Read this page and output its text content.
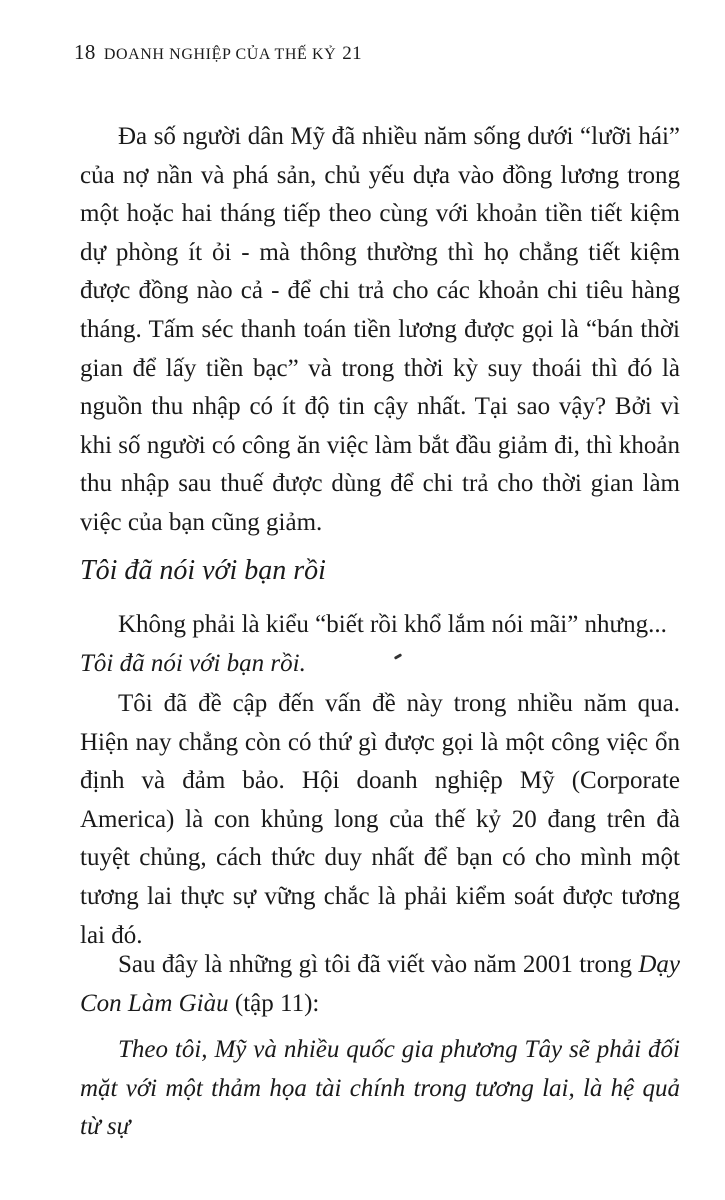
18 DOANH NGHIỆP CỦA THẾ KỶ 21

Đa số người dân Mỹ đã nhiều năm sống dưới “lưỡi hái” của nợ nần và phá sản, chủ yếu dựa vào đồng lương trong một hoặc hai tháng tiếp theo cùng với khoản tiền tiết kiệm dự phòng ít ỏi - mà thông thường thì họ chẳng tiết kiệm được đồng nào cả - để chi trả cho các khoản chi tiêu hàng tháng. Tấm séc thanh toán tiền lương được gọi là “bán thời gian để lấy tiền bạc” và trong thời kỳ suy thoái thì đó là nguồn thu nhập có ít độ tin cậy nhất. Tại sao vậy? Bởi vì khi số người có công ăn việc làm bắt đầu giảm đi, thì khoản thu nhập sau thuế được dùng để chi trả cho thời gian làm việc của bạn cũng giảm.

Tôi đã nói với bạn rồi

Không phải là kiểu “biết rồi khổ lắm nói mãi” nhưng...
Tôi đã nói với bạn rồi.

Tôi đã đề cập đến vấn đề này trong nhiều năm qua. Hiện nay chẳng còn có thứ gì được gọi là một công việc ổn định và đảm bảo. Hội doanh nghiệp Mỹ (Corporate America) là con khủng long của thế kỷ 20 đang trên đà tuyệt chủng, cách thức duy nhất để bạn có cho mình một tương lai thực sự vững chắc là phải kiểm soát được tương lai đó.

Sau đây là những gì tôi đã viết vào năm 2001 trong Dạy Con Làm Giàu (tập 11):

Theo tôi, Mỹ và nhiều quốc gia phương Tây sẽ phải đối mặt với một thảm họa tài chính trong tương lai, là hệ quả từ sự
